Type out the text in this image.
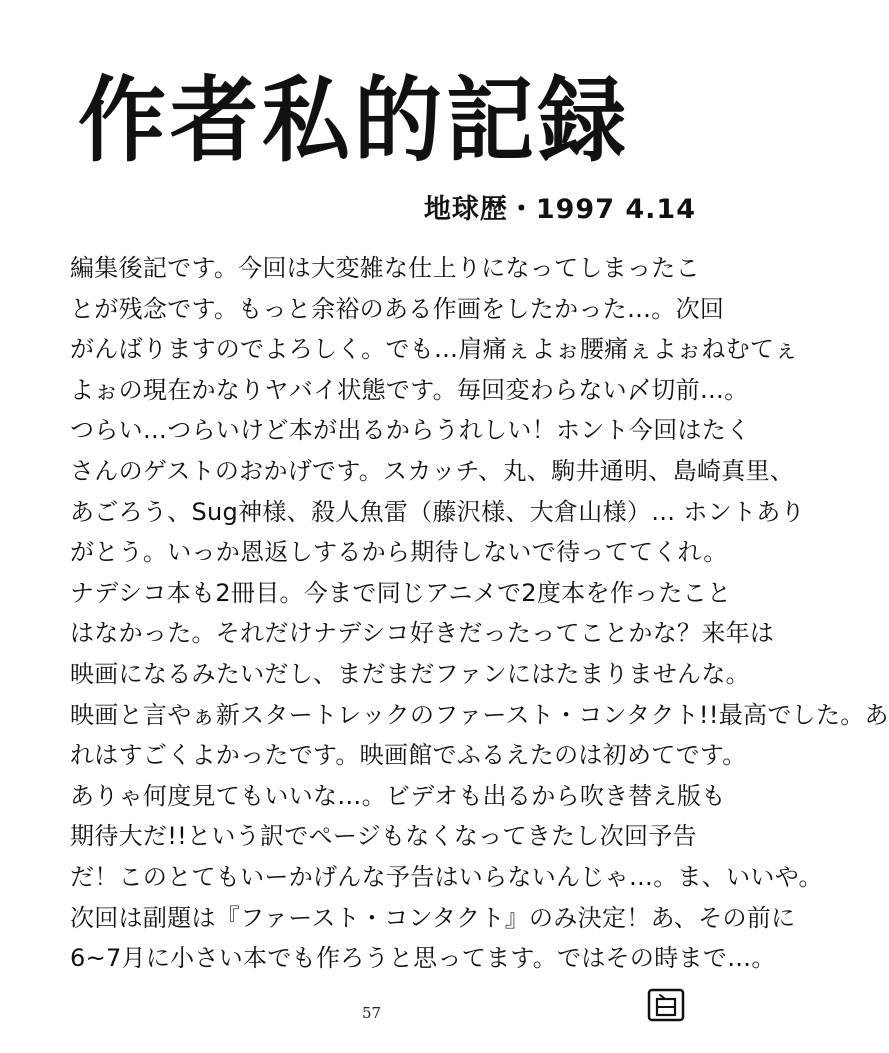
作者私的記録
地球歴・1997 4.14
編集後記です。今回は大変雑な仕上りになってしまったこ
とが残念です。もっと余裕のある作画をしたかった…。次回
がんばりますのでよろしく。でも…肩痛ぇよぉ腰痛ぇよぉねむてぇ
よぉの現在かなりヤバイ状態です。毎回変わらない〆切前…。
つらい…つらいけど本が出るからうれしい！ホント今回はたく
さんのゲストのおかげです。スカッチ、丸、駒井通明、島崎真里、
あごろう、Sug神様、殺人魚雷（藤沢様、大倉山様）… ホントあり
がとう。いっか恩返しするから期待しないで待っててくれ。
ナデシコ本も2冊目。今まで同じアニメで2度本を作ったこと
はなかった。それだけナデシコ好きだったってことかな？来年は
映画になるみたいだし、まだまだファンにはたまりませんな。
映画と言やぁ新スタートレックのファースト・コンタクト!!最高でした。あ
れはすごくよかったです。映画館でふるえたのは初めてです。
ありゃ何度見てもいいな…。ビデオも出るから吹き替え版も
期待大だ!!という訳でページもなくなってきたし次回予告
だ！このとてもいーかげんな予告はいらないんじゃ…。ま、いいや。
次回は副題は『ファースト・コンタクト』のみ決定！あ、その前に
6~7月に小さい本でも作ろうと思ってます。ではその時まで…。
57
